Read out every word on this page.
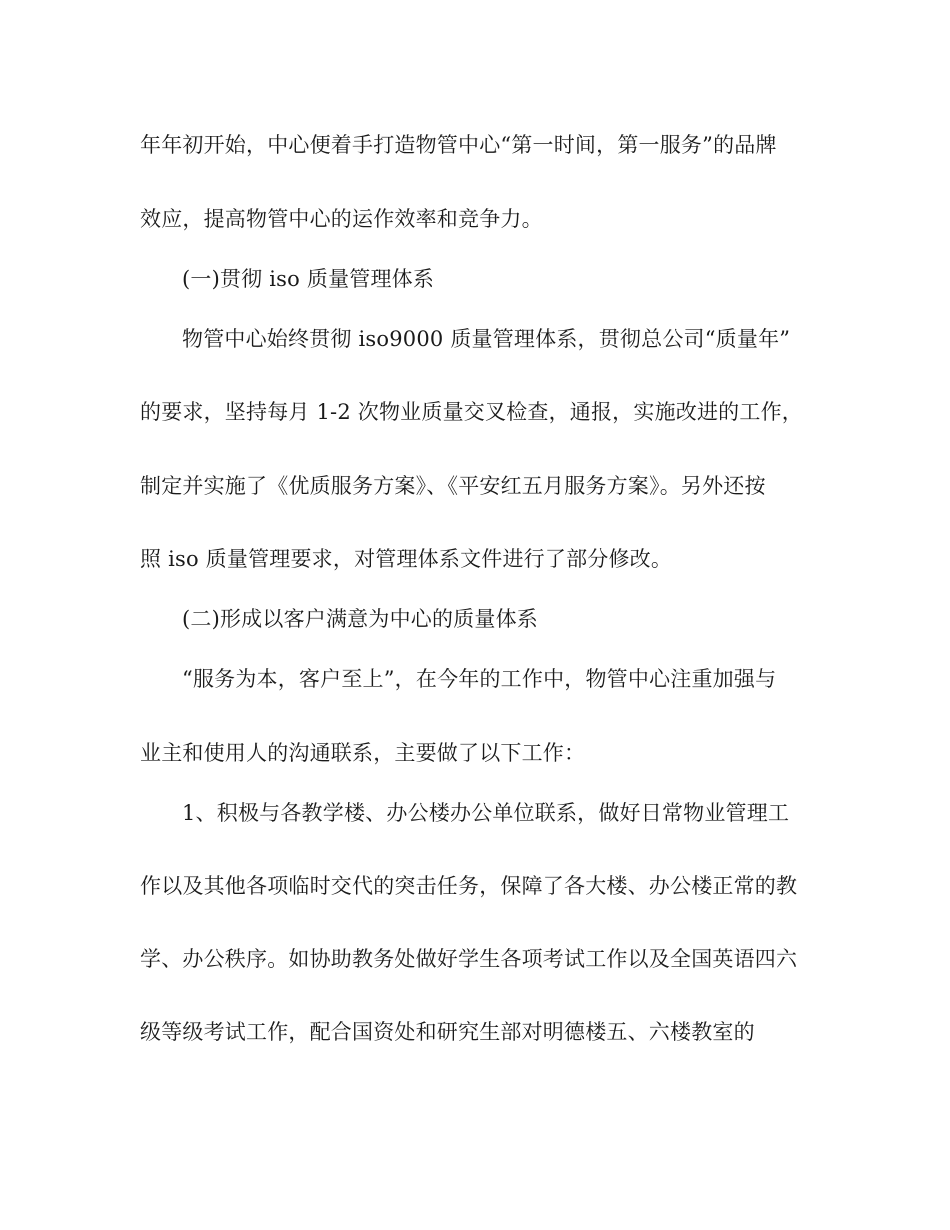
年年初开始，中心便着手打造物管中心“第一时间，第一服务”的品牌
效应，提高物管中心的运作效率和竞争力。
(一)贯彻 iso 质量管理体系
物管中心始终贯彻 iso9000 质量管理体系，贯彻总公司“质量年”
的要求，坚持每月 1-2 次物业质量交叉检查，通报，实施改进的工作，
制定并实施了《优质服务方案》、《平安红五月服务方案》。另外还按
照 iso 质量管理要求，对管理体系文件进行了部分修改。
(二)形成以客户满意为中心的质量体系
“服务为本，客户至上”，在今年的工作中，物管中心注重加强与
业主和使用人的沟通联系，主要做了以下工作：
1、积极与各教学楼、办公楼办公单位联系，做好日常物业管理工
作以及其他各项临时交代的突击任务，保障了各大楼、办公楼正常的教
学、办公秩序。如协助教务处做好学生各项考试工作以及全国英语四六
级等级考试工作，配合国资处和研究生部对明德楼五、六楼教室的
